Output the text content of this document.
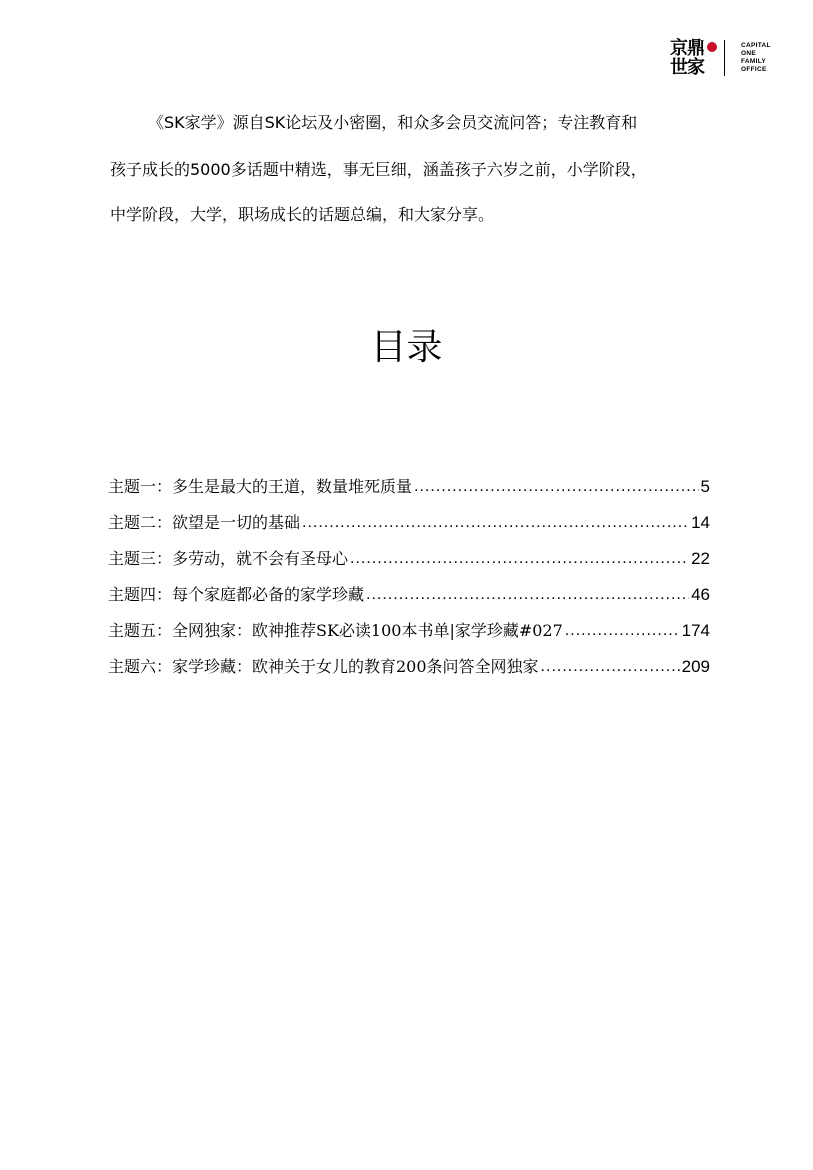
京鼎
世家
CAPITAL
ONE
FAMILY
OFFICE
《SK家学》源自SK论坛及小密圈，和众多会员交流问答；专注教育和
孩子成长的5000多话题中精选，事无巨细，涵盖孩子六岁之前，小学阶段，
中学阶段，大学，职场成长的话题总编，和大家分享。
目录
主题一：多生是最大的王道，数量堆死质量 .....	5
主题二：欲望是一切的基础 .....	14
主题三：多劳动，就不会有圣母心 .....	22
主题四：每个家庭都必备的家学珍藏 .....	46
主题五：全网独家：欧神推荐SK必读100本书单|家学珍藏#027 .....	174
主题六：家学珍藏：欧神关于女儿的教育200条问答全网独家 .....	209
